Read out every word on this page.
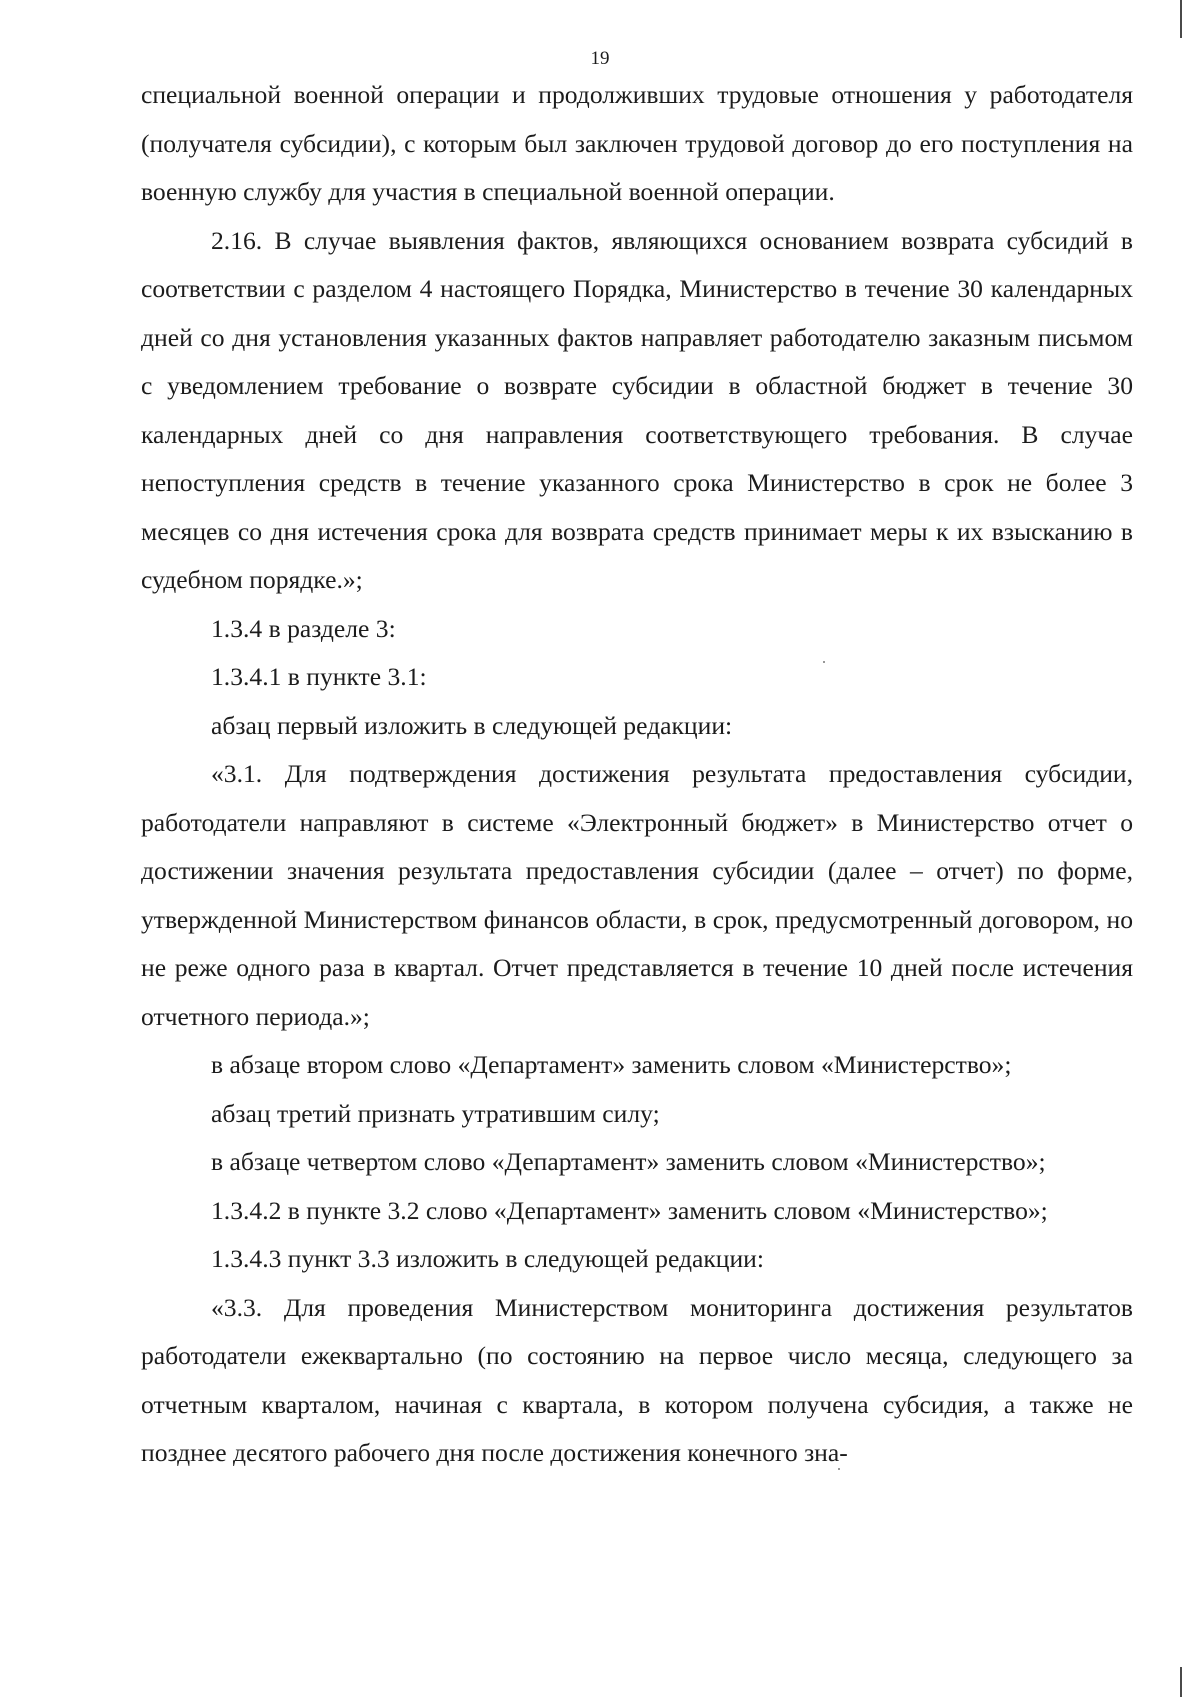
19

специальной военной операции и продолживших трудовые отношения у работодателя (получателя субсидии), с которым был заключен трудовой договор до его поступления на военную службу для участия в специальной военной операции.

2.16. В случае выявления фактов, являющихся основанием возврата субсидий в соответствии с разделом 4 настоящего Порядка, Министерство в течение 30 календарных дней со дня установления указанных фактов направляет работодателю заказным письмом с уведомлением требование о возврате субсидии в областной бюджет в течение 30 календарных дней со дня направления соответствующего требования. В случае непоступления средств в течение указанного срока Министерство в срок не более 3 месяцев со дня истечения срока для возврата средств принимает меры к их взысканию в судебном порядке.»;

1.3.4 в разделе 3:

1.3.4.1 в пункте 3.1:

абзац первый изложить в следующей редакции:

«3.1. Для подтверждения достижения результата предоставления субсидии, работодатели направляют в системе «Электронный бюджет» в Министерство отчет о достижении значения результата предоставления субсидии (далее – отчет) по форме, утвержденной Министерством финансов области, в срок, предусмотренный договором, но не реже одного раза в квартал. Отчет представляется в течение 10 дней после истечения отчетного периода.»;

в абзаце втором слово «Департамент» заменить словом «Министерство»;

абзац третий признать утратившим силу;

в абзаце четвертом слово «Департамент» заменить словом «Министерство»;

1.3.4.2 в пункте 3.2 слово «Департамент» заменить словом «Министерство»;

1.3.4.3 пункт 3.3 изложить в следующей редакции:

«3.3. Для проведения Министерством мониторинга достижения результатов работодатели ежеквартально (по состоянию на первое число месяца, следующего за отчетным кварталом, начиная с квартала, в котором получена субсидия, а также не позднее десятого рабочего дня после достижения конечного зна-
